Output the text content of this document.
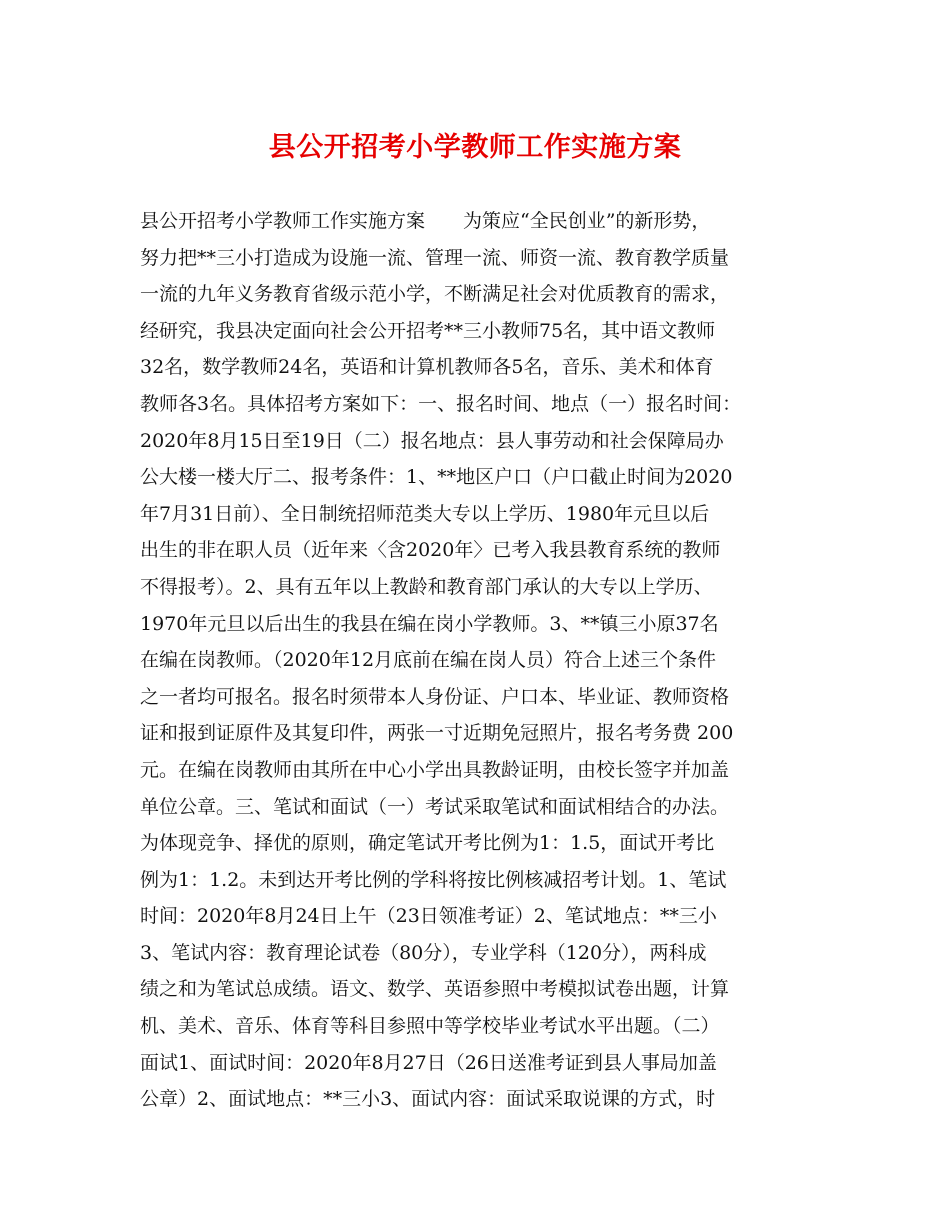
县公开招考小学教师工作实施方案
县公开招考小学教师工作实施方案　　为策应“全民创业”的新形势，
努力把**三小打造成为设施一流、管理一流、师资一流、教育教学质量
一流的九年义务教育省级示范小学，不断满足社会对优质教育的需求，
经研究，我县决定面向社会公开招考**三小教师75名，其中语文教师
32名，数学教师24名，英语和计算机教师各5名，音乐、美术和体育
教师各3名。具体招考方案如下：一、报名时间、地点（一）报名时间：
2020年8月15日至19日（二）报名地点：县人事劳动和社会保障局办
公大楼一楼大厅二、报考条件：1、**地区户口（户口截止时间为2020
年7月31日前）、全日制统招师范类大专以上学历、1980年元旦以后
出生的非在职人员（近年来〈含2020年〉已考入我县教育系统的教师
不得报考）。2、具有五年以上教龄和教育部门承认的大专以上学历、
1970年元旦以后出生的我县在编在岗小学教师。3、**镇三小原37名
在编在岗教师。（2020年12月底前在编在岗人员）符合上述三个条件
之一者均可报名。报名时须带本人身份证、户口本、毕业证、教师资格
证和报到证原件及其复印件，两张一寸近期免冠照片，报名考务费 200
元。在编在岗教师由其所在中心小学出具教龄证明，由校长签字并加盖
单位公章。三、笔试和面试（一）考试采取笔试和面试相结合的办法。
为体现竞争、择优的原则，确定笔试开考比例为1：1.5，面试开考比
例为1：1.2。未到达开考比例的学科将按比例核减招考计划。1、笔试
时间：2020年8月24日上午（23日领准考证）2、笔试地点：**三小
3、笔试内容：教育理论试卷（80分），专业学科（120分），两科成
绩之和为笔试总成绩。语文、数学、英语参照中考模拟试卷出题，计算
机、美术、音乐、体育等科目参照中等学校毕业考试水平出题。（二）
面试1、面试时间：2020年8月27日（26日送准考证到县人事局加盖
公章）2、面试地点：**三小3、面试内容：面试采取说课的方式，时
